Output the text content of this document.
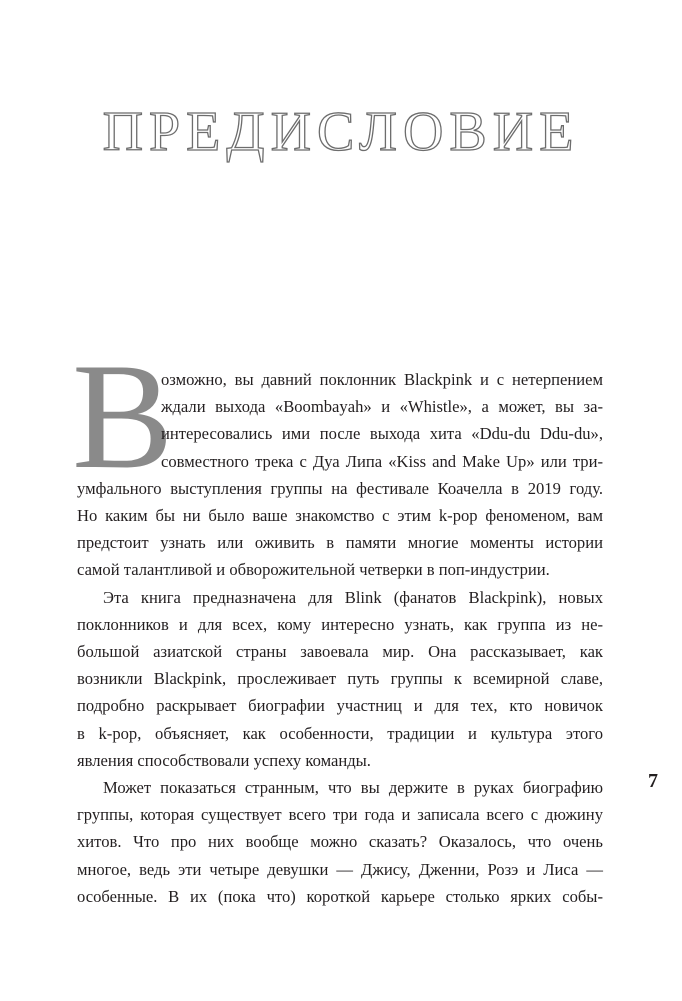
ПРЕДИСЛОВИЕ
В
озможно, вы давний поклонник Blackpink и с нетерпением
ждали выхода «Boombayah» и «Whistle», а может, вы за-
интересовались ими после выхода хита «Ddu-du Ddu-du»,
совместного трека с Дуа Липа «Kiss and Make Up» или три-
умфального выступления группы на фестивале Коачелла в 2019 году.
Но каким бы ни было ваше знакомство с этим k-pop феноменом, вам
предстоит узнать или оживить в памяти многие моменты истории
самой талантливой и обворожительной четверки в поп-индустрии.
Эта книга предназначена для Blink (фанатов Blackpink), новых
поклонников и для всех, кому интересно узнать, как группа из не-
большой азиатской страны завоевала мир. Она рассказывает, как
возникли Blackpink, прослеживает путь группы к всемирной славе,
подробно раскрывает биографии участниц и для тех, кто новичок
в k-pop, объясняет, как особенности, традиции и культура этого
явления способствовали успеху команды.
Может показаться странным, что вы держите в руках биографию
группы, которая существует всего три года и записала всего с дюжину
хитов. Что про них вообще можно сказать? Оказалось, что очень
многое, ведь эти четыре девушки — Джису, Дженни, Розэ и Лиса —
особенные. В их (пока что) короткой карьере столько ярких собы-
7
